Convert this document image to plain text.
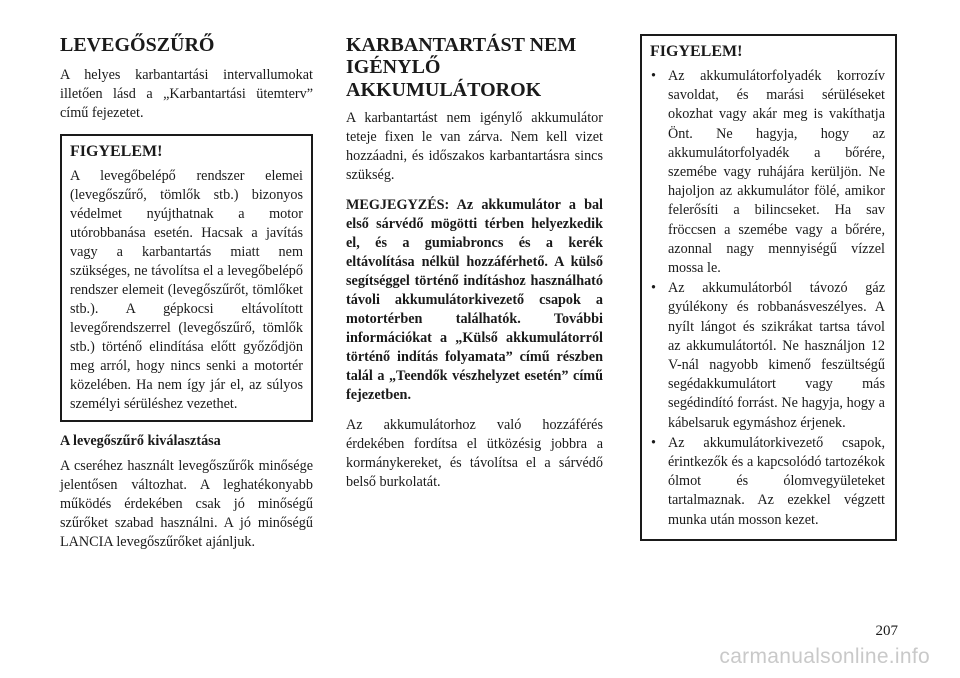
LEVEGŐSZŰRŐ

A helyes karbantartási intervallumokat illetően lásd a „Karbantartási ütemterv” című fejezetet.

FIGYELEM!

A levegőbelépő rendszer elemei (levegőszűrő, tömlők stb.) bizonyos védelmet nyújthatnak a motor utórobbanása esetén. Hacsak a javítás vagy a karbantartás miatt nem szükséges, ne távolítsa el a levegőbelépő rendszer elemeit (levegőszűrőt, tömlőket stb.). A gépkocsi eltávolított levegőrendszerrel (levegőszűrő, tömlők stb.) történő elindítása előtt győződjön meg arról, hogy nincs senki a motortér közelében. Ha nem így jár el, az súlyos személyi sérüléshez vezethet.

A levegőszűrő kiválasztása

A cseréhez használt levegőszűrők minősége jelentősen változhat. A leghatékonyabb működés érdekében csak jó minőségű szűrőket szabad használni. A jó minőségű LANCIA levegőszűrőket ajánljuk.

KARBANTARTÁST NEM IGÉNYLŐ AKKUMULÁTOROK

A karbantartást nem igénylő akkumulátor teteje fixen le van zárva. Nem kell vizet hozzáadni, és időszakos karbantartásra sincs szükség.

MEGJEGYZÉS: Az akkumulátor a bal első sárvédő mögötti térben helyezkedik el, és a gumiabroncs és a kerék eltávolítása nélkül hozzáférhető. A külső segítséggel történő indításhoz használható távoli akkumulátorkivezető csapok a motortérben találhatók. További információkat a „Külső akkumulátorról történő indítás folyamata” című részben talál a „Teendők vészhelyzet esetén” című fejezetben.

Az akkumulátorhoz való hozzáférés érdekében fordítsa el ütközésig jobbra a kormánykereket, és távolítsa el a sárvédő belső burkolatát.

FIGYELEM!
• Az akkumulátorfolyadék korrozív savoldat, és marási sérüléseket okozhat vagy akár meg is vakíthatja Önt. Ne hagyja, hogy az akkumulátorfolyadék a bőrére, szemébe vagy ruhájára kerüljön. Ne hajoljon az akkumulátor fölé, amikor felerősíti a bilincseket. Ha sav fröccsen a szemébe vagy a bőrére, azonnal nagy mennyiségű vízzel mossa le.
• Az akkumulátorból távozó gáz gyúlékony és robbanásveszélyes. A nyílt lángot és szikrákat tartsa távol az akkumulátortól. Ne használjon 12 V-nál nagyobb kimenő feszültségű segédakkumulátort vagy más segédindító forrást. Ne hagyja, hogy a kábelsaruk egymáshoz érjenek.
• Az akkumulátorkivezető csapok, érintkezők és a kapcsolódó tartozékok ólmot és ólomvegyületeket tartalmaznak. Az ezekkel végzett munka után mosson kezet.
207
carmanualsonline.info
